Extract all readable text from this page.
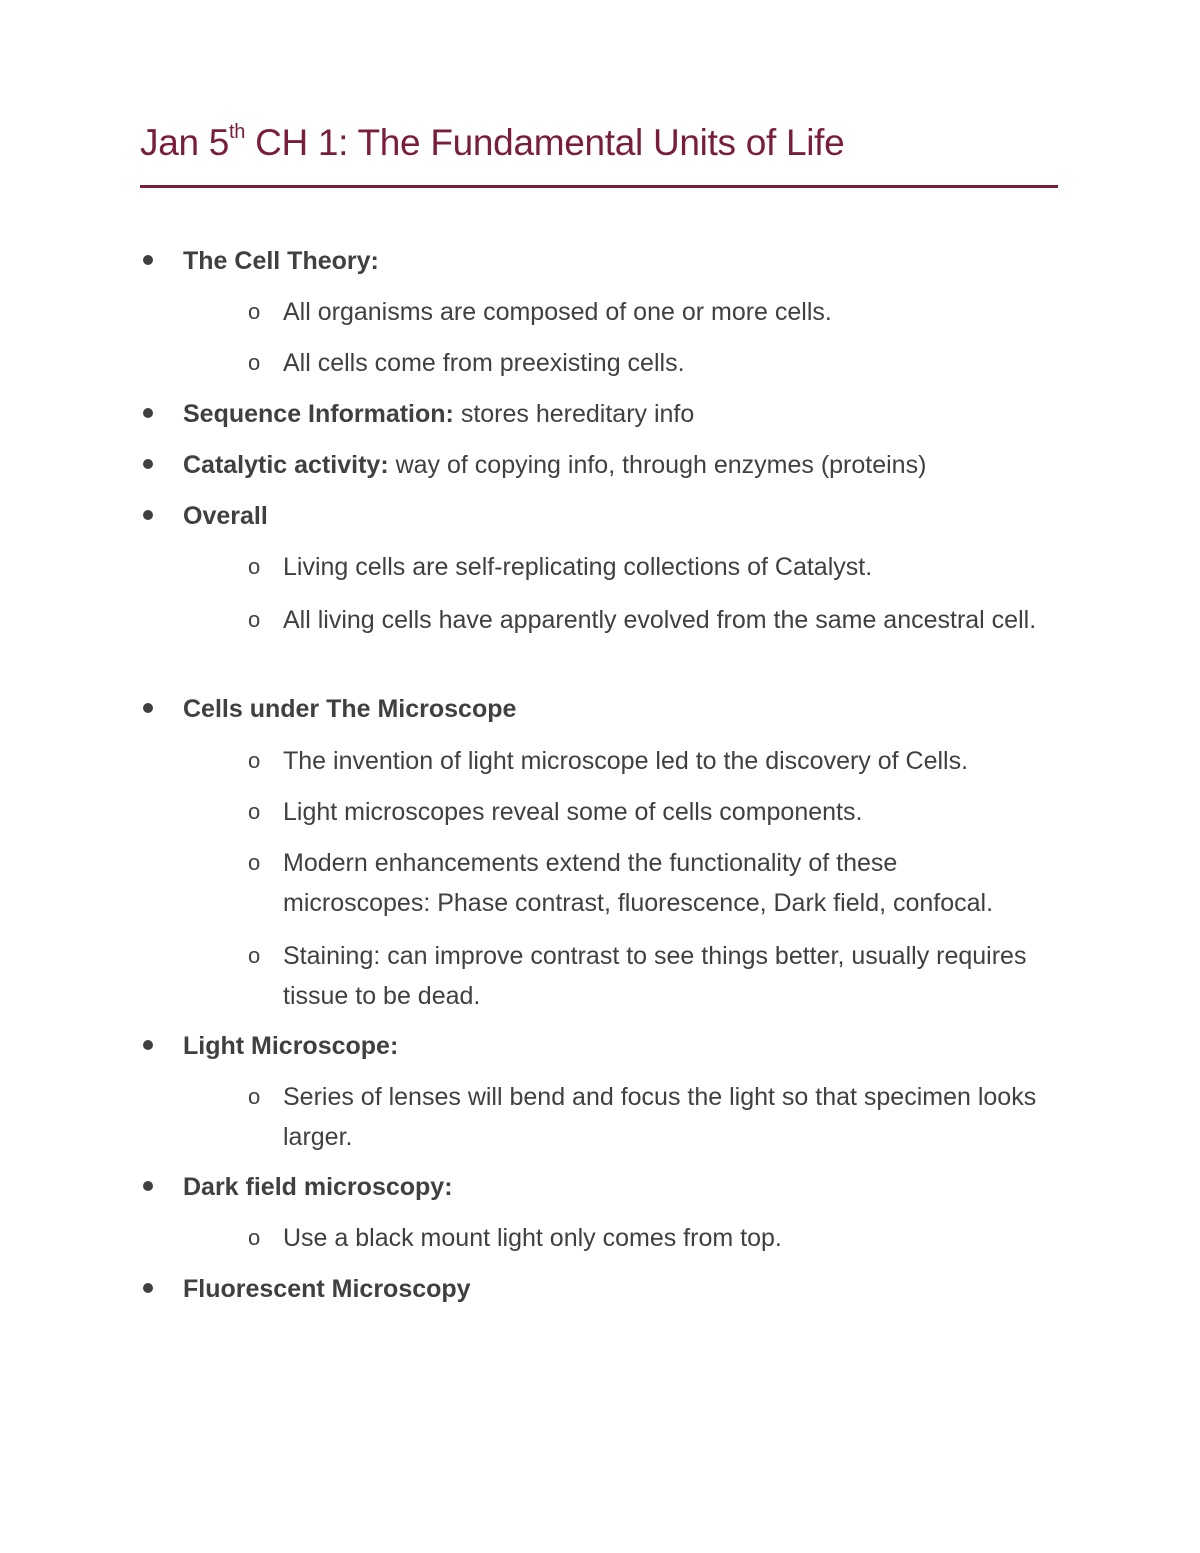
Jan 5th CH 1: The Fundamental Units of Life
The Cell Theory:
o All organisms are composed of one or more cells.
o All cells come from preexisting cells.
Sequence Information: stores hereditary info
Catalytic activity: way of copying info, through enzymes (proteins)
Overall
o Living cells are self-replicating collections of Catalyst.
o All living cells have apparently evolved from the same ancestral cell.
Cells under The Microscope
o The invention of light microscope led to the discovery of Cells.
o Light microscopes reveal some of cells components.
o Modern enhancements extend the functionality of these microscopes: Phase contrast, fluorescence, Dark field, confocal.
o Staining: can improve contrast to see things better, usually requires tissue to be dead.
Light Microscope:
o Series of lenses will bend and focus the light so that specimen looks larger.
Dark field microscopy:
o Use a black mount light only comes from top.
Fluorescent Microscopy
